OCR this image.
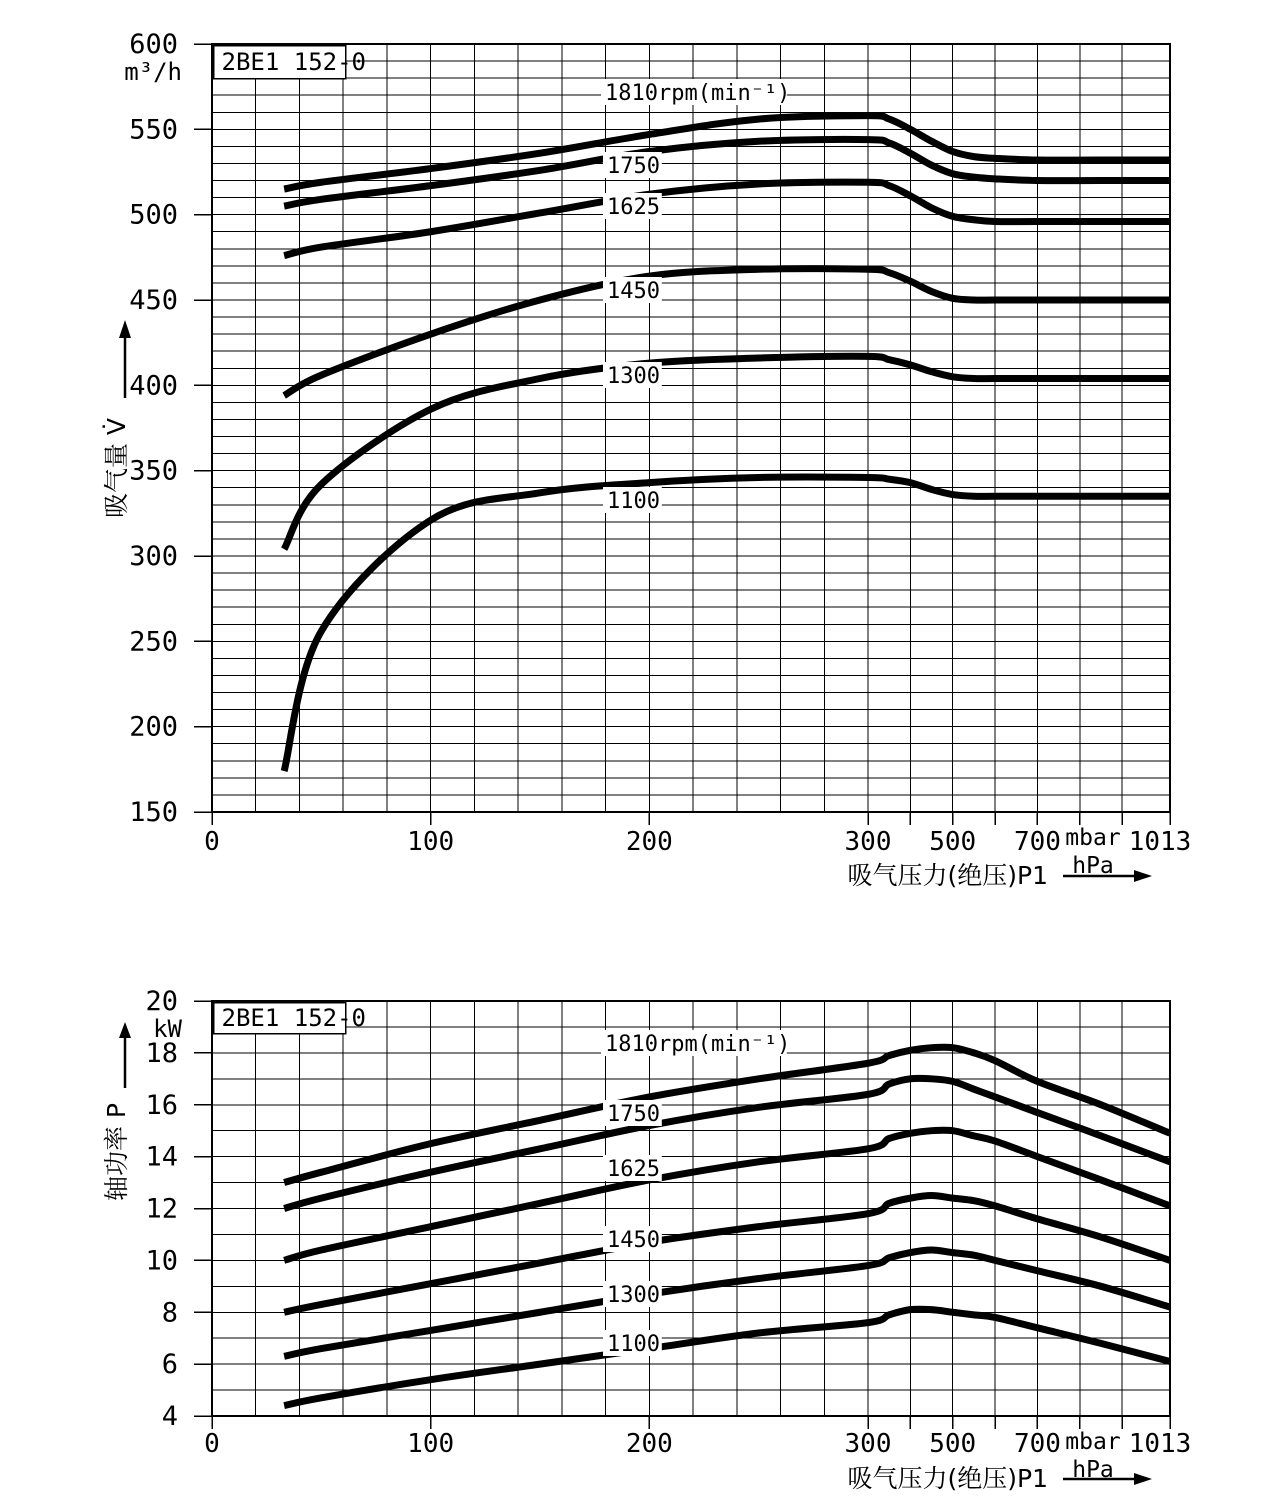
1810rpm(min⁻¹)
1750
1625
1450
1300
1100
2BE1 152-0
600
550
500
450
400
350
300
250
200
150
m³/h
0	100	200	300 500 700	1013
mbar
hPa
吸气压力(绝压)P1
吸气量 V̇
1810rpm(min⁻¹)
1750
1625
1450
1300
1100
2BE1 152-0
20
18
16
14
12
10
8
6
4
kW
0	100	200	300 500 700	1013
mbar
hPa
吸气压力(绝压)P1
轴功率 P
